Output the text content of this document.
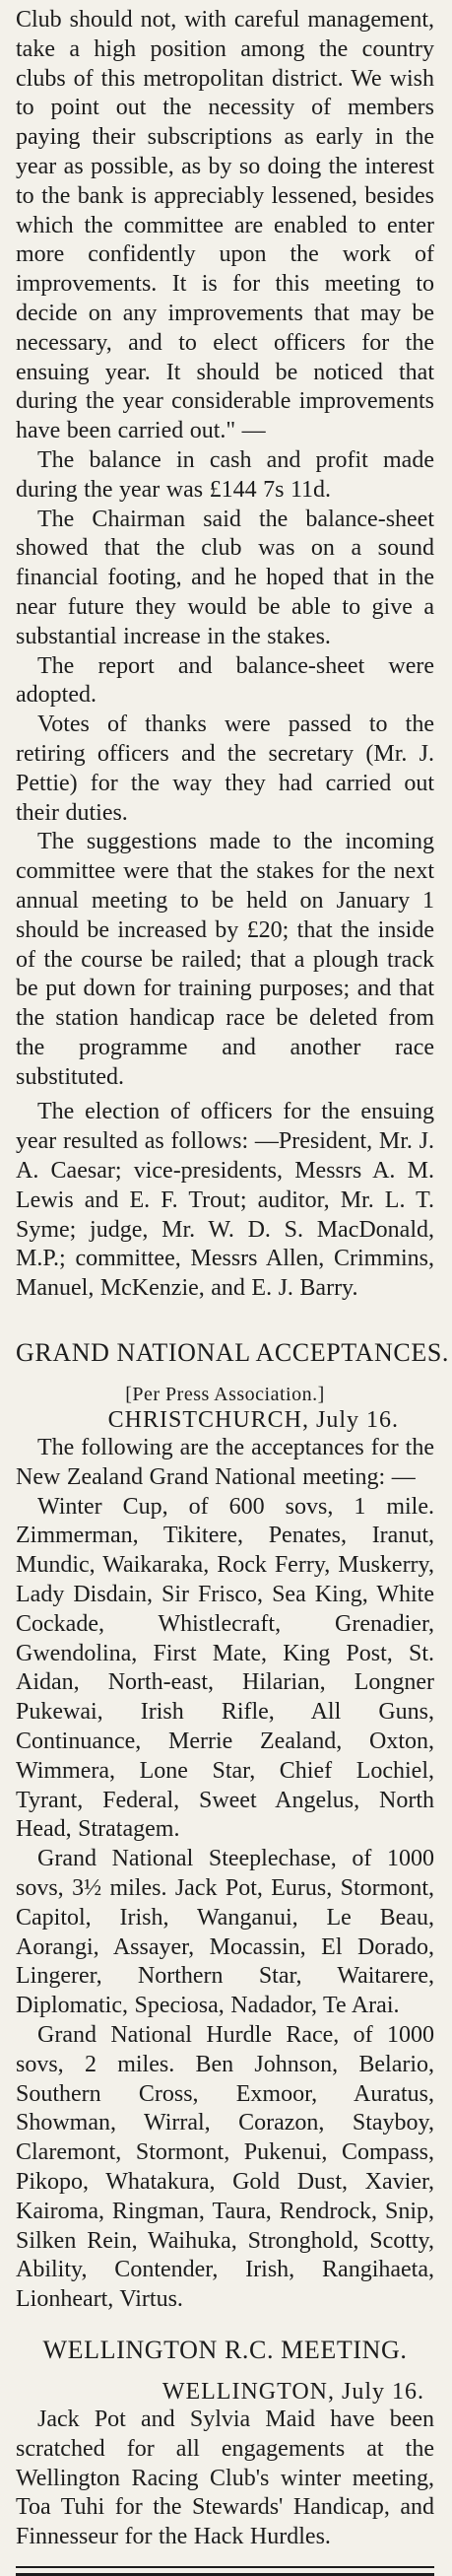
Club should not, with careful management, take a high position among the country clubs of this metropolitan district. We wish to point out the necessity of members paying their subscriptions as early in the year as possible, as by so doing the interest to the bank is appreciably lessened, besides which the committee are enabled to enter more confidently upon the work of improvements. It is for this meeting to decide on any improvements that may be necessary, and to elect officers for the ensuing year. It should be noticed that during the year considerable improvements have been carried out." —

The balance in cash and profit made during the year was £144 7s 11d.

The Chairman said the balance-sheet showed that the club was on a sound financial footing, and he hoped that in the near future they would be able to give a substantial increase in the stakes.

The report and balance-sheet were adopted.

Votes of thanks were passed to the retiring officers and the secretary (Mr. J. Pettie) for the way they had carried out their duties.

The suggestions made to the incoming committee were that the stakes for the next annual meeting to be held on January 1 should be increased by £20; that the inside of the course be railed; that a plough track be put down for training purposes; and that the station handicap race be deleted from the programme and another race substituted.

The election of officers for the ensuing year resulted as follows: —President, Mr. J. A. Caesar; vice-presidents, Messrs A. M. Lewis and E. F. Trout; auditor, Mr. L. T. Syme; judge, Mr. W. D. S. MacDonald, M.P.; committee, Messrs Allen, Crimmins, Manuel, McKenzie, and E. J. Barry.

GRAND NATIONAL ACCEPTANCES.
[Per Press Association.]
CHRISTCHURCH, July 16.

The following are the acceptances for the New Zealand Grand National meeting: —

Winter Cup, of 600 sovs, 1 mile. Zimmerman, Tikitere, Penates, Iranut, Mundic, Waikaraka, Rock Ferry, Muskerry, Lady Disdain, Sir Frisco, Sea King, White Cockade, Whistlecraft, Grenadier, Gwendolina, First Mate, King Post, St. Aidan, North-east, Hilarian, Longner Pukewai, Irish Rifle, All Guns, Continuance, Merrie Zealand, Oxton, Wimmera, Lone Star, Chief Lochiel, Tyrant, Federal, Sweet Angelus, North Head, Stratagem.

Grand National Steeplechase, of 1000 sovs, 3½ miles. Jack Pot, Eurus, Stormont, Capitol, Irish, Wanganui, Le Beau, Aorangi, Assayer, Mocassin, El Dorado, Lingerer, Northern Star, Waitarere, Diplomatic, Speciosa, Nadador, Te Arai.

Grand National Hurdle Race, of 1000 sovs, 2 miles. Ben Johnson, Belario, Southern Cross, Exmoor, Auratus, Showman, Wirral, Corazon, Stayboy, Claremont, Stormont, Pukenui, Compass, Pikopo, Whatakura, Gold Dust, Xavier, Kairoma, Ringman, Taura, Rendrock, Snip, Silken Rein, Waihuka, Stronghold, Scotty, Ability, Contender, Irish, Rangihaeta, Lionheart, Virtus.

WELLINGTON R.C. MEETING.
WELLINGTON, July 16.

Jack Pot and Sylvia Maid have been scratched for all engagements at the Wellington Racing Club's winter meeting, Toa Tuhi for the Stewards' Handicap, and Finnesseur for the Hack Hurdles.
